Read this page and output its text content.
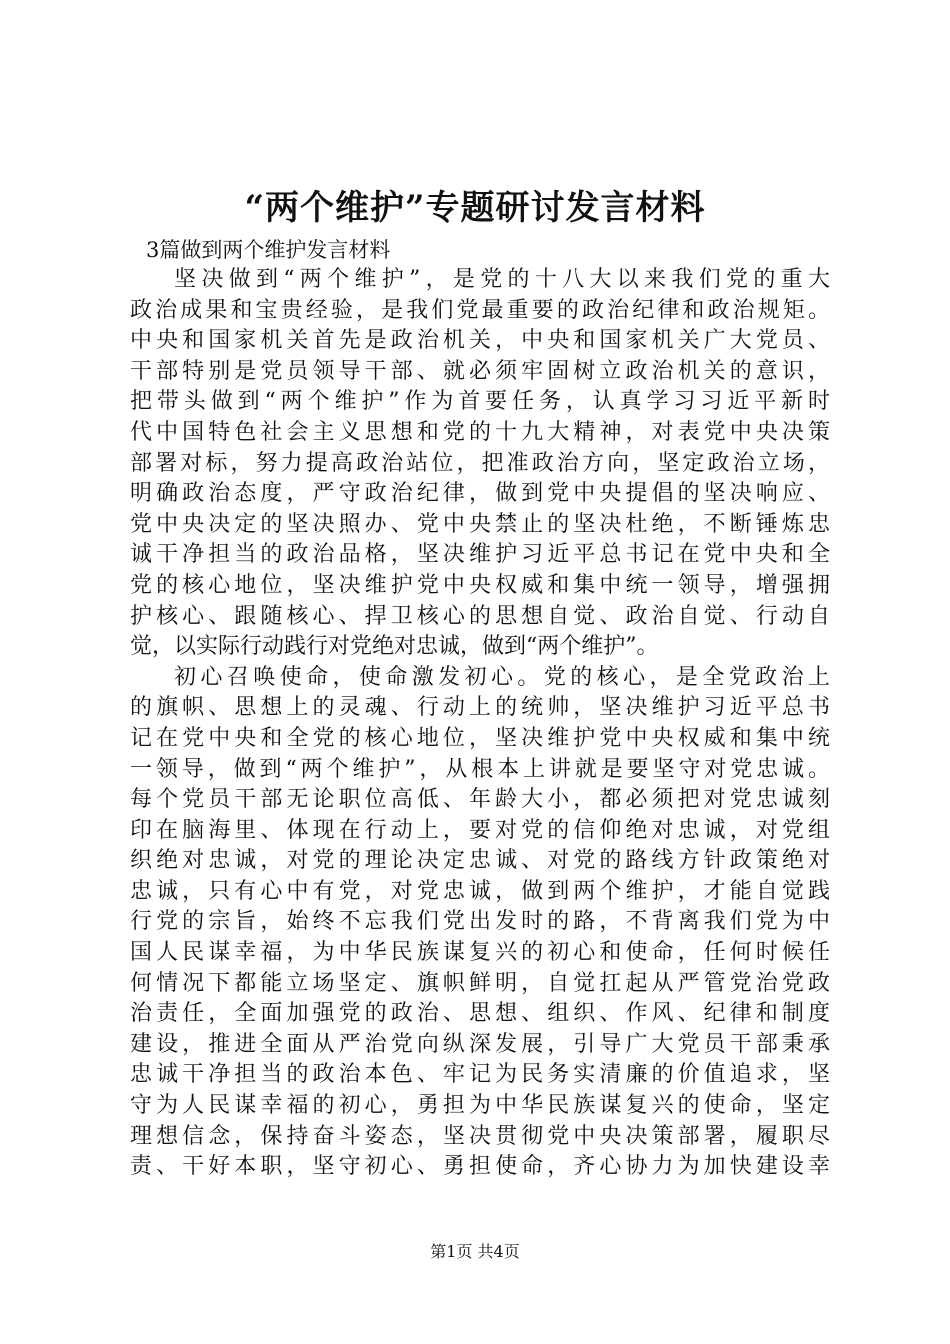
“两个维护”专题研讨发言材料

3篇做到两个维护发言材料

坚决做到“两个维护”，是党的十八大以来我们党的重大
政治成果和宝贵经验，是我们党最重要的政治纪律和政治规矩。
中央和国家机关首先是政治机关，中央和国家机关广大党员、
干部特别是党员领导干部、就必须牢固树立政治机关的意识，
把带头做到“两个维护”作为首要任务，认真学习习近平新时
代中国特色社会主义思想和党的十九大精神，对表党中央决策
部署对标，努力提高政治站位，把准政治方向，坚定政治立场，
明确政治态度，严守政治纪律，做到党中央提倡的坚决响应、
党中央决定的坚决照办、党中央禁止的坚决杜绝，不断锤炼忠
诚干净担当的政治品格，坚决维护习近平总书记在党中央和全
党的核心地位，坚决维护党中央权威和集中统一领导，增强拥
护核心、跟随核心、捍卫核心的思想自觉、政治自觉、行动自
觉，以实际行动践行对党绝对忠诚，做到“两个维护”。
初心召唤使命，使命激发初心。党的核心，是全党政治上
的旗帜、思想上的灵魂、行动上的统帅，坚决维护习近平总书
记在党中央和全党的核心地位，坚决维护党中央权威和集中统
一领导，做到“两个维护”，从根本上讲就是要坚守对党忠诚。
每个党员干部无论职位高低、年龄大小，都必须把对党忠诚刻
印在脑海里、体现在行动上，要对党的信仰绝对忠诚，对党组
织绝对忠诚，对党的理论决定忠诚、对党的路线方针政策绝对
忠诚，只有心中有党，对党忠诚，做到两个维护，才能自觉践
行党的宗旨，始终不忘我们党出发时的路，不背离我们党为中
国人民谋幸福，为中华民族谋复兴的初心和使命，任何时候任
何情况下都能立场坚定、旗帜鲜明，自觉扛起从严管党治党政
治责任，全面加强党的政治、思想、组织、作风、纪律和制度
建设，推进全面从严治党向纵深发展，引导广大党员干部秉承
忠诚干净担当的政治本色、牢记为民务实清廉的价值追求，坚
守为人民谋幸福的初心，勇担为中华民族谋复兴的使命，坚定
理想信念，保持奋斗姿态，坚决贯彻党中央决策部署，履职尽
责、干好本职，坚守初心、勇担使命，齐心协力为加快建设幸

第1页 共4页
